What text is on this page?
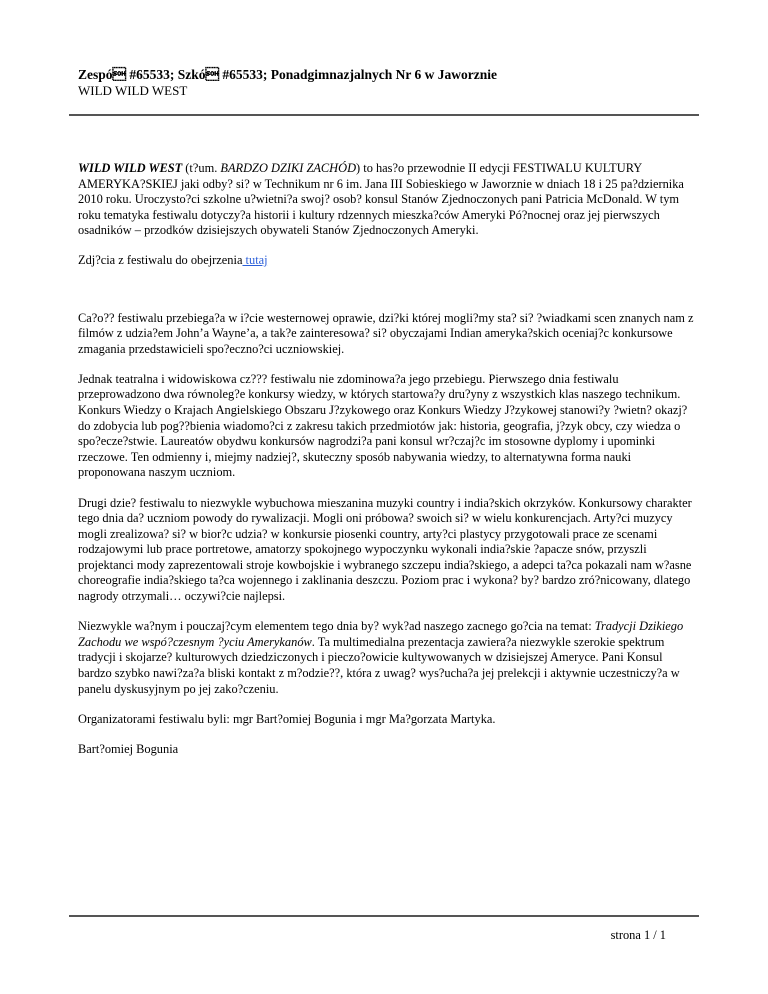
Zespó #65533; Szkó #65533; Ponadgimnazjalnych Nr 6 w Jaworznie
WILD WILD WEST

WILD WILD WEST (t?um. BARDZO DZIKI ZACHÓD) to has?o przewodnie II edycji FESTIWALU KULTURY AMERYKA?SKIEJ jaki odby? si? w Technikum nr 6 im. Jana III Sobieskiego w Jaworznie w dniach 18 i 25 pa?dziernika 2010 roku. Uroczysto?ci szkolne u?wietni?a swoj? osob? konsul Stanów Zjednoczonych pani Patricia McDonald. W tym roku tematyka festiwalu dotyczy?a historii i kultury rdzennych mieszka?ców Ameryki Pó?nocnej oraz jej pierwszych osadników – przodków dzisiejszych obywateli Stanów Zjednoczonych Ameryki.

Zdj?cia z festiwalu do obejrzenia tutaj

Ca?o?? festiwalu przebiega?a w i?cie westernowej oprawie, dzi?ki której mogli?my sta? si? ?wiadkami scen znanych nam z filmów z udzia?em John’a Wayne’a, a tak?e zainteresowa? si? obyczajami Indian ameryka?skich oceniaj?c konkursowe zmagania przedstawicieli spo?eczno?ci uczniowskiej.

Jednak teatralna i widowiskowa cz??? festiwalu nie zdominowa?a jego przebiegu. Pierwszego dnia festiwalu przeprowadzono dwa równoleg?e konkursy wiedzy, w których startowa?y dru?yny z wszystkich klas naszego technikum. Konkurs Wiedzy o Krajach Angielskiego Obszaru J?zykowego oraz Konkurs Wiedzy J?zykowej stanowi?y ?wietn? okazj? do zdobycia lub pog??bienia wiadomo?ci z zakresu takich przedmiotów jak: historia, geografia, j?zyk obcy, czy wiedza o spo?ecze?stwie. Laureatów obydwu konkursów nagrodzi?a pani konsul wr?czaj?c im stosowne dyplomy i upominki rzeczowe. Ten odmienny i, miejmy nadziej?, skuteczny sposób nabywania wiedzy, to alternatywna forma nauki proponowana naszym uczniom.

Drugi dzie? festiwalu to niezwykle wybuchowa mieszanina muzyki country i india?skich okrzyków. Konkursowy charakter tego dnia da? uczniom powody do rywalizacji. Mogli oni próbowa? swoich si? w wielu konkurencjach. Arty?ci muzycy mogli zrealizowa? si? w bior?c udzia? w konkursie piosenki country, arty?ci plastycy przygotowali prace ze scenami rodzajowymi lub prace portretowe, amatorzy spokojnego wypoczynku wykonali india?skie ?apacze snów, przyszli projektanci mody zaprezentowali stroje kowbojskie i wybranego szczepu india?skiego, a adepci ta?ca pokazali nam w?asne choreografie india?skiego ta?ca wojennego i zaklinania deszczu. Poziom prac i wykona? by? bardzo zró?nicowany, dlatego nagrody otrzymali… oczywi?cie najlepsi.

Niezwykle wa?nym i pouczaj?cym elementem tego dnia by? wyk?ad naszego zacnego go?cia na temat: Tradycji Dzikiego Zachodu we wspó?czesnym ?yciu Amerykanów. Ta multimedialna prezentacja zawiera?a niezwykle szerokie spektrum tradycji i skojarze? kulturowych dziedziczonych i pieczo?owicie kultywowanych w dzisiejszej Ameryce. Pani Konsul bardzo szybko nawi?za?a bliski kontakt z m?odzie??, która z uwag? wys?ucha?a jej prelekcji i aktywnie uczestniczy?a w panelu dyskusyjnym po jej zako?czeniu.

Organizatorami festiwalu byli: mgr Bart?omiej Bogunia i mgr Ma?gorzata Martyka.

Bart?omiej Bogunia

strona 1 / 1
